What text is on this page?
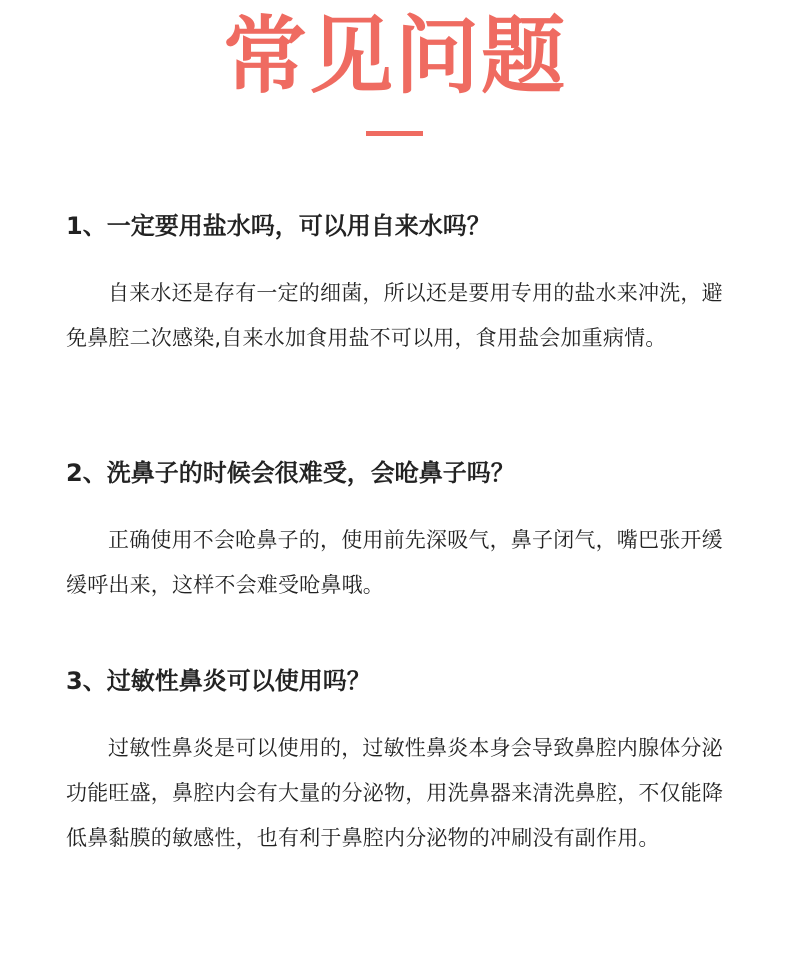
常见问题
1、一定要用盐水吗，可以用自来水吗？
自来水还是存有一定的细菌，所以还是要用专用的盐水来冲洗，避免鼻腔二次感染,自来水加食用盐不可以用，食用盐会加重病情。
2、洗鼻子的时候会很难受，会呛鼻子吗？
正确使用不会呛鼻子的，使用前先深吸气，鼻子闭气，嘴巴张开缓缓呼出来，这样不会难受呛鼻哦。
3、过敏性鼻炎可以使用吗？
过敏性鼻炎是可以使用的，过敏性鼻炎本身会导致鼻腔内腺体分泌功能旺盛，鼻腔内会有大量的分泌物，用洗鼻器来清洗鼻腔，不仅能降低鼻黏膜的敏感性，也有利于鼻腔内分泌物的冲刷没有副作用。
